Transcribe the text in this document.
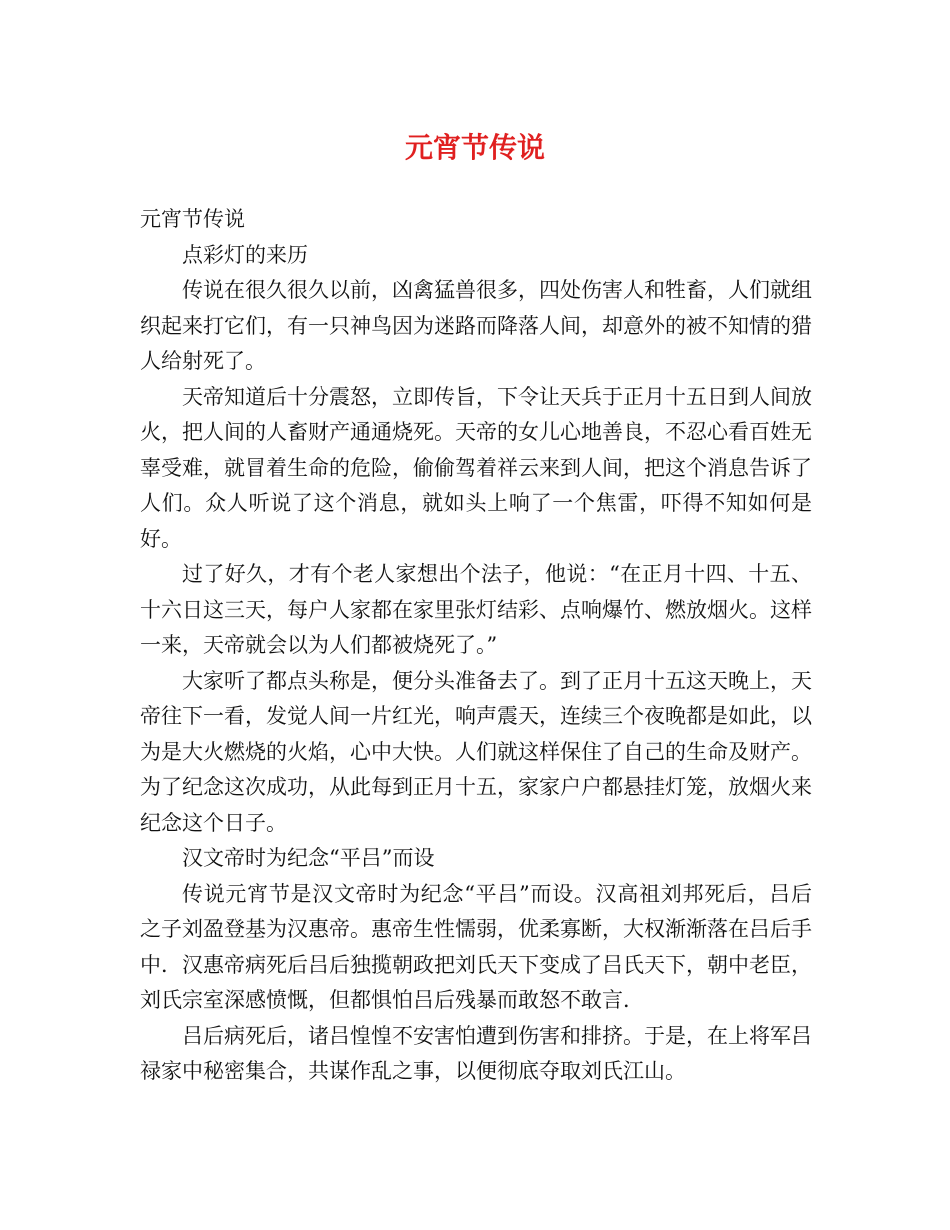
元宵节传说

元宵节传说

点彩灯的来历

传说在很久很久以前，凶禽猛兽很多，四处伤害人和牲畜，人们就组织起来打它们，有一只神鸟因为迷路而降落人间，却意外的被不知情的猎人给射死了。

天帝知道后十分震怒，立即传旨，下令让天兵于正月十五日到人间放火，把人间的人畜财产通通烧死。天帝的女儿心地善良，不忍心看百姓无辜受难，就冒着生命的危险，偷偷驾着祥云来到人间，把这个消息告诉了人们。众人听说了这个消息，就如头上响了一个焦雷，吓得不知如何是好。

过了好久，才有个老人家想出个法子，他说：“在正月十四、十五、十六日这三天，每户人家都在家里张灯结彩、点响爆竹、燃放烟火。这样一来，天帝就会以为人们都被烧死了。”

大家听了都点头称是，便分头准备去了。到了正月十五这天晚上，天帝往下一看，发觉人间一片红光，响声震天，连续三个夜晚都是如此，以为是大火燃烧的火焰，心中大快。人们就这样保住了自己的生命及财产。为了纪念这次成功，从此每到正月十五，家家户户都悬挂灯笼，放烟火来纪念这个日子。

汉文帝时为纪念“平吕”而设

传说元宵节是汉文帝时为纪念“平吕”而设。汉高祖刘邦死后，吕后之子刘盈登基为汉惠帝。惠帝生性懦弱，优柔寡断，大权渐渐落在吕后手中．汉惠帝病死后吕后独揽朝政把刘氏天下变成了吕氏天下，朝中老臣，刘氏宗室深感愤慨，但都惧怕吕后残暴而敢怒不敢言．

吕后病死后，诸吕惶惶不安害怕遭到伤害和排挤。于是，在上将军吕禄家中秘密集合，共谋作乱之事，以便彻底夺取刘氏江山。
